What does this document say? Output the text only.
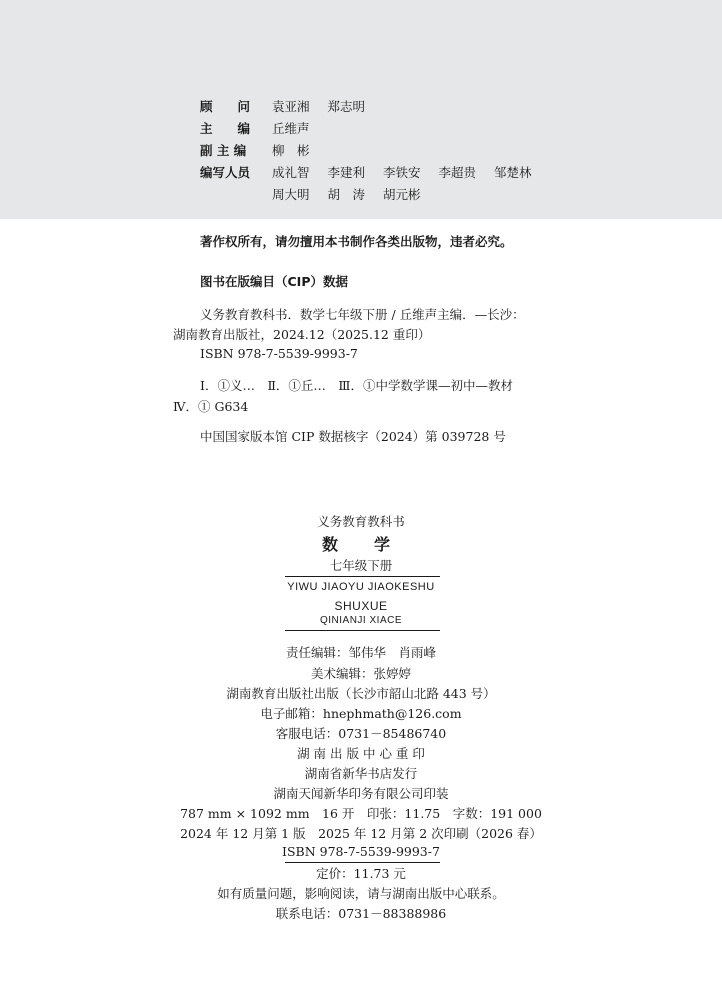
顾　　问 袁亚湘 郑志明
主　　编 丘维声
副 主 编 柳　彬
编写人员 成礼智 李建利 李铁安 李超贵 邹楚林
周大明 胡　涛 胡元彬
著作权所有，请勿擅用本书制作各类出版物，违者必究。
图书在版编目（CIP）数据
义务教育教科书．数学七年级下册 / 丘维声主编．—长沙：
湖南教育出版社，2024.12（2025.12 重印）
ISBN 978-7-5539-9993-7
Ⅰ．①义…　Ⅱ．①丘…　Ⅲ．①中学数学课—初中—教材
Ⅳ．① G634
中国国家版本馆 CIP 数据核字（2024）第 039728 号
义务教育教科书
数　学
七年级下册
YIWU JIAOYU JIAOKESHU
SHUXUE
QINIANJI XIACE
责任编辑：邹伟华　肖雨峰
美术编辑：张婷婷
湖南教育出版社出版（长沙市韶山北路 443 号）
电子邮箱：hnephmath@126.com
客服电话：0731－85486740
湖 南 出 版 中 心 重 印
湖南省新华书店发行
湖南天闻新华印务有限公司印装
787 mm × 1092 mm　16 开　印张：11.75　字数：191 000
2024 年 12 月第 1 版　2025 年 12 月第 2 次印刷（2026 春）
ISBN 978-7-5539-9993-7
定价：11.73 元
如有质量问题，影响阅读，请与湖南出版中心联系。
联系电话：0731－88388986
